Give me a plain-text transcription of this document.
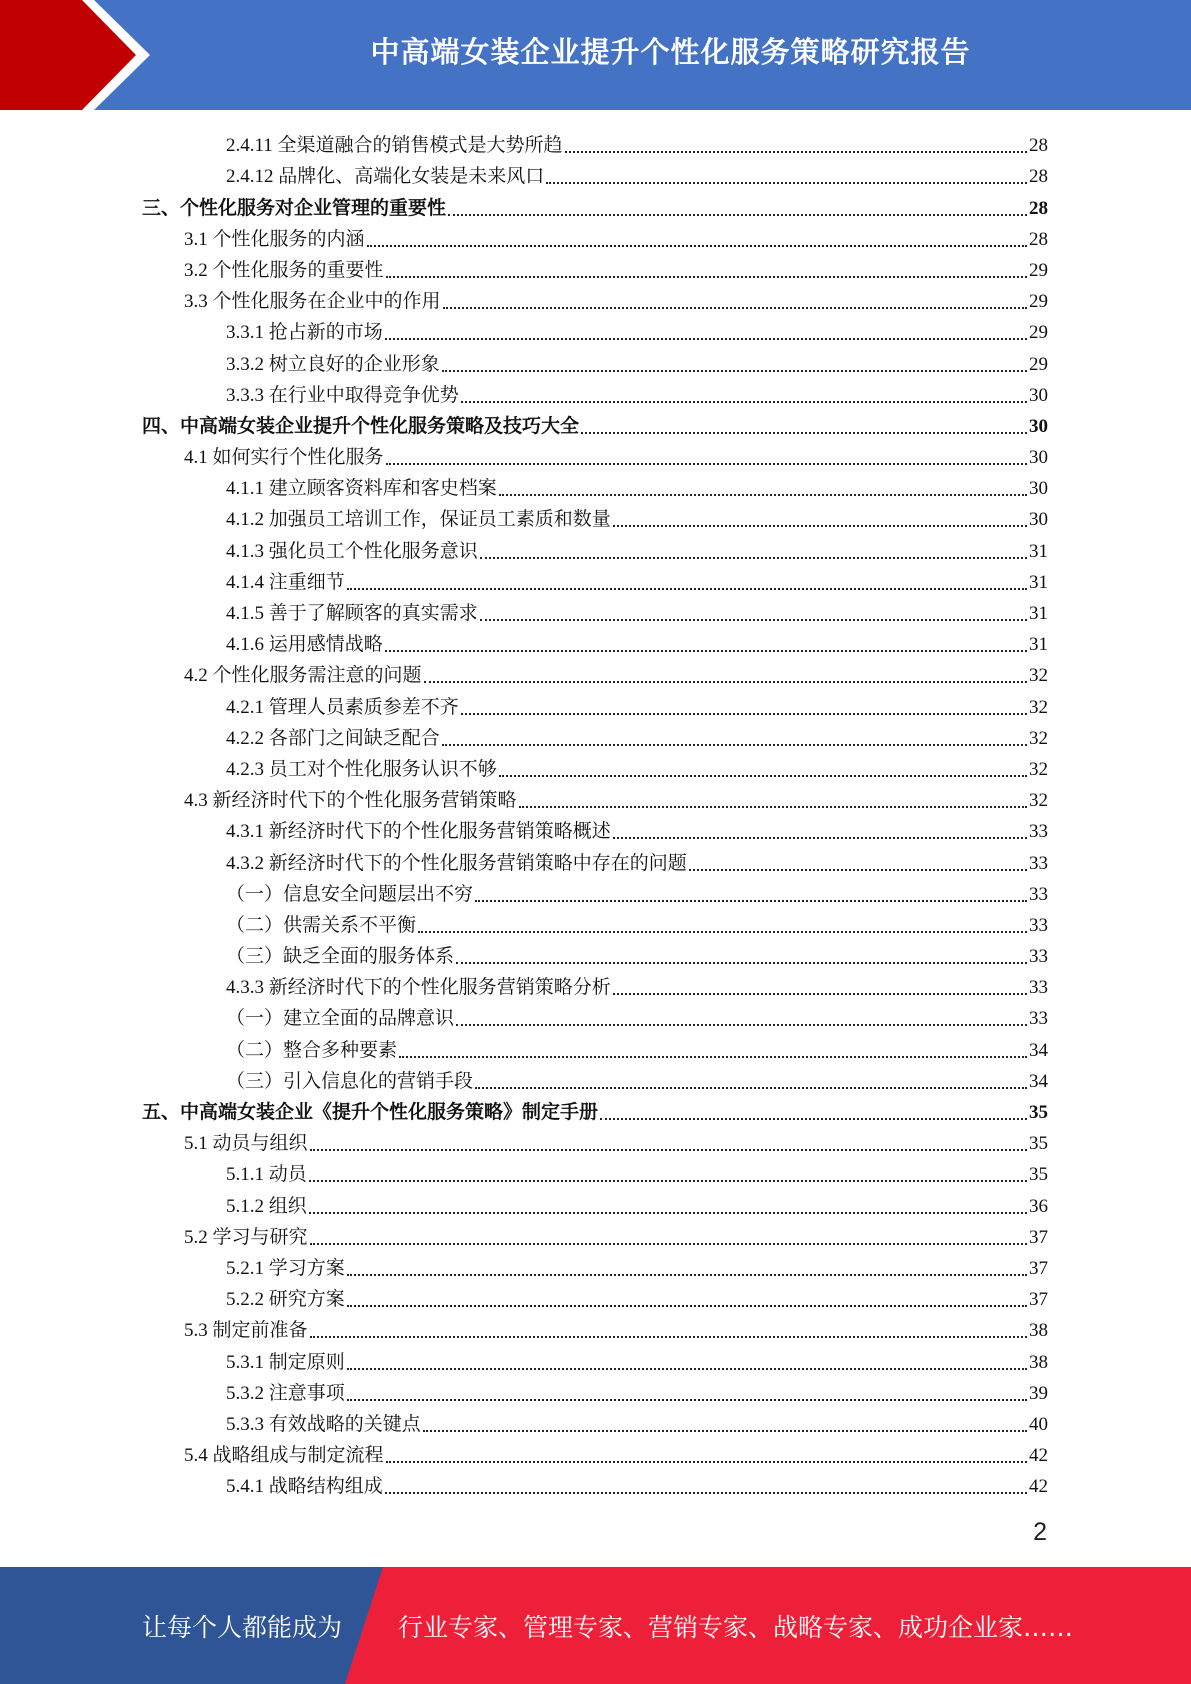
中高端女装企业提升个性化服务策略研究报告
2.4.11 全渠道融合的销售模式是大势所趋	28
2.4.12 品牌化、高端化女装是未来风口	28
三、个性化服务对企业管理的重要性	28
3.1 个性化服务的内涵	28
3.2 个性化服务的重要性	29
3.3 个性化服务在企业中的作用	29
3.3.1 抢占新的市场	29
3.3.2 树立良好的企业形象	29
3.3.3 在行业中取得竞争优势	30
四、中高端女装企业提升个性化服务策略及技巧大全	30
4.1 如何实行个性化服务	30
4.1.1 建立顾客资料库和客史档案	30
4.1.2 加强员工培训工作，保证员工素质和数量	30
4.1.3 强化员工个性化服务意识	31
4.1.4 注重细节	31
4.1.5 善于了解顾客的真实需求	31
4.1.6 运用感情战略	31
4.2 个性化服务需注意的问题	32
4.2.1 管理人员素质参差不齐	32
4.2.2 各部门之间缺乏配合	32
4.2.3 员工对个性化服务认识不够	32
4.3 新经济时代下的个性化服务营销策略	32
4.3.1 新经济时代下的个性化服务营销策略概述	33
4.3.2 新经济时代下的个性化服务营销策略中存在的问题	33
（一）信息安全问题层出不穷	33
（二）供需关系不平衡	33
（三）缺乏全面的服务体系	33
4.3.3 新经济时代下的个性化服务营销策略分析	33
（一）建立全面的品牌意识	33
（二）整合多种要素	34
（三）引入信息化的营销手段	34
五、中高端女装企业《提升个性化服务策略》制定手册	35
5.1 动员与组织	35
5.1.1 动员	35
5.1.2 组织	36
5.2 学习与研究	37
5.2.1 学习方案	37
5.2.2 研究方案	37
5.3 制定前准备	38
5.3.1 制定原则	38
5.3.2 注意事项	39
5.3.3 有效战略的关键点	40
5.4 战略组成与制定流程	42
5.4.1 战略结构组成	42
2
让每个人都能成为 行业专家、管理专家、营销专家、战略专家、成功企业家……
